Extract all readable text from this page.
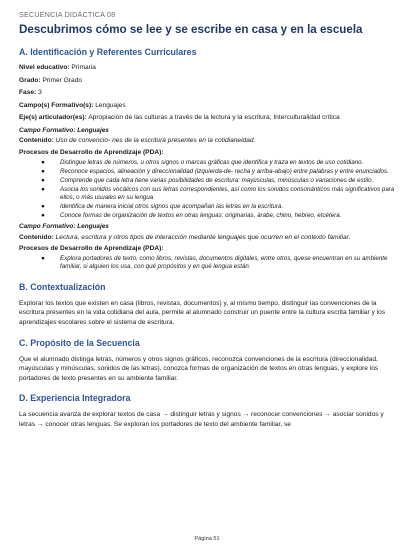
SECUENCIA DIDÁCTICA 08
Descubrimos cómo se lee y se escribe en casa y en la escuela
A. Identificación y Referentes Curriculares

Nivel educativo: Primaria

Grado: Primer Grado

Fase: 3

Campo(s) Formativo(s): Lenguajes

Eje(s) articulador(es): Apropiación de las culturas a través de la lectura y la escritura; Interculturalidad crítica

Campo Formativo: Lenguajes

Contenido: Uso de convencio- nes de la escritura presentes en la cotidianeidad.

Procesos de Desarrollo de Aprendizaje (PDA):

● Distingue letras de números, u otros signos o marcas gráficas que identifica y traza en textos de uso cotidiano.
● Reconoce espacios, alineación y direccionalidad (izquierda-de- recha y arriba-abajo) entre palabras y entre enunciados.
● Comprende que cada letra tiene varias posibilidades de escritura: mayúsculas, minúsculas o variaciones de estilo.
● Asocia los sonidos vocálicos con sus letras correspondientes, así como los sonidos consonánticos más significativos para ellos, o más usuales en su lengua
● Identifica de manera inicial otros signos que acompañan las letras en la escritura.
● Conoce formas de organización de textos en otras lenguas: originarias, árabe, chino, hebreo, etcétera.

Campo Formativo: Lenguajes

Contenido: Lectura, escritura y otros tipos de interacción mediante lenguajes que ocurren en el contexto familiar.

Procesos de Desarrollo de Aprendizaje (PDA):

● Explora portadores de texto, como libros, revistas, documentos digitales, entre otros, quese encuentran en su ambiente familiar, si alguien los usa, con qué propósitos y en qué lengua están.
B. Contextualización

Explorar los textos que existen en casa (libros, revistas, documentos) y, al mismo tiempo, distinguir las convenciones de la escritura presentes en la vida cotidiana del aula, permite al alumnado construir un puente entre la cultura escrita familiar y los aprendizajes escolares sobre el sistema de escritura.

C. Propósito de la Secuencia

Que el alumnado distinga letras, números y otros signos gráficos, reconozca convenciones de la escritura (direccionalidad, mayúsculas y minúsculas, sonidos de las letras), conozca formas de organización de textos en otras lenguas, y explore los portadores de texto presentes en su ambiente familiar.

D. Experiencia Integradora

La secuencia avanza de explorar textos de casa → distinguir letras y signos → reconocer convenciones → asociar sonidos y letras → conocer otras lenguas. Se exploran los portadores de texto del ambiente familiar, se

Página 51
